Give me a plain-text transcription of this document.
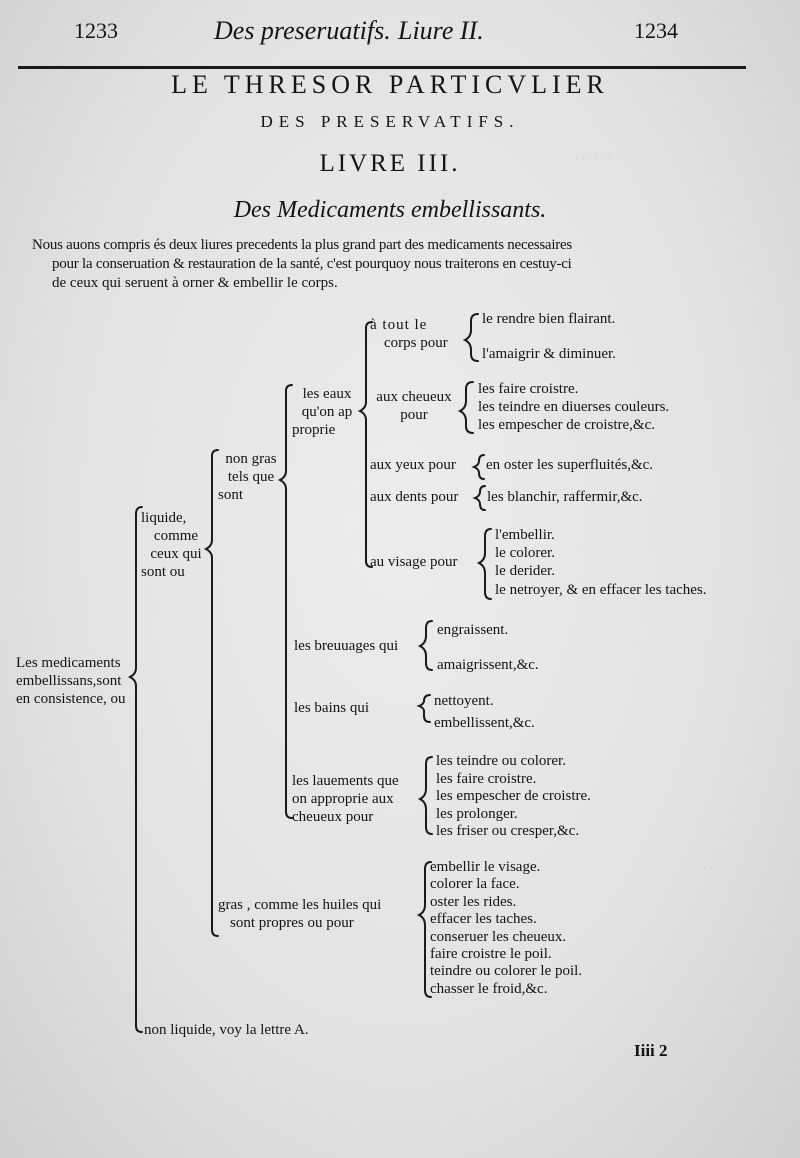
· · · · · ·
· · · ·
1233	Des preseruatifs. Liure II.	1234
LE THRESOR PARTICVLIER
DES PRESERVATIFS.
LIVRE III.
Des Medicaments embellissants.
Nous auons compris és deux liures precedents la plus grand part des medicaments necessaires
pour la conseruation & restauration de la santé, c'est pourquoy nous traiterons en cestuy-ci
de ceux qui seruent à orner & embellir le corps.
Les medicaments
embellissans,sont
en consistence, ou
liquide,
comme
ceux qui
sont ou
non liquide, voy la lettre A.
non gras
tels que
sont
gras , comme les huiles qui
sont propres ou pour
les eaux
qu'on ap
proprie
les breuuages qui
engraissent.
amaigrissent,&c.
les bains qui	nettoyent.
embellissent,&c.
les lauements que
on approprie aux
cheueux pour
les teindre ou colorer.
les faire croistre.
les empescher de croistre.
les prolonger.
les friser ou cresper,&c.
embellir le visage.
colorer la face.
oster les rides.
effacer les taches.
conseruer les cheueux.
faire croistre le poil.
teindre ou colorer le poil.
chasser le froid,&c.
à tout le
corps pour
le rendre bien flairant.
l'amaigrir & diminuer.
aux cheueux
pour
les faire croistre.
les teindre en diuerses couleurs.
les empescher de croistre,&c.
aux yeux pour en oster les superfluités,&c.
aux dents pour les blanchir, raffermir,&c.
au visage pour
l'embellir.
le colorer.
le derider.
le netroyer, & en effacer les taches.
Iiii 2
